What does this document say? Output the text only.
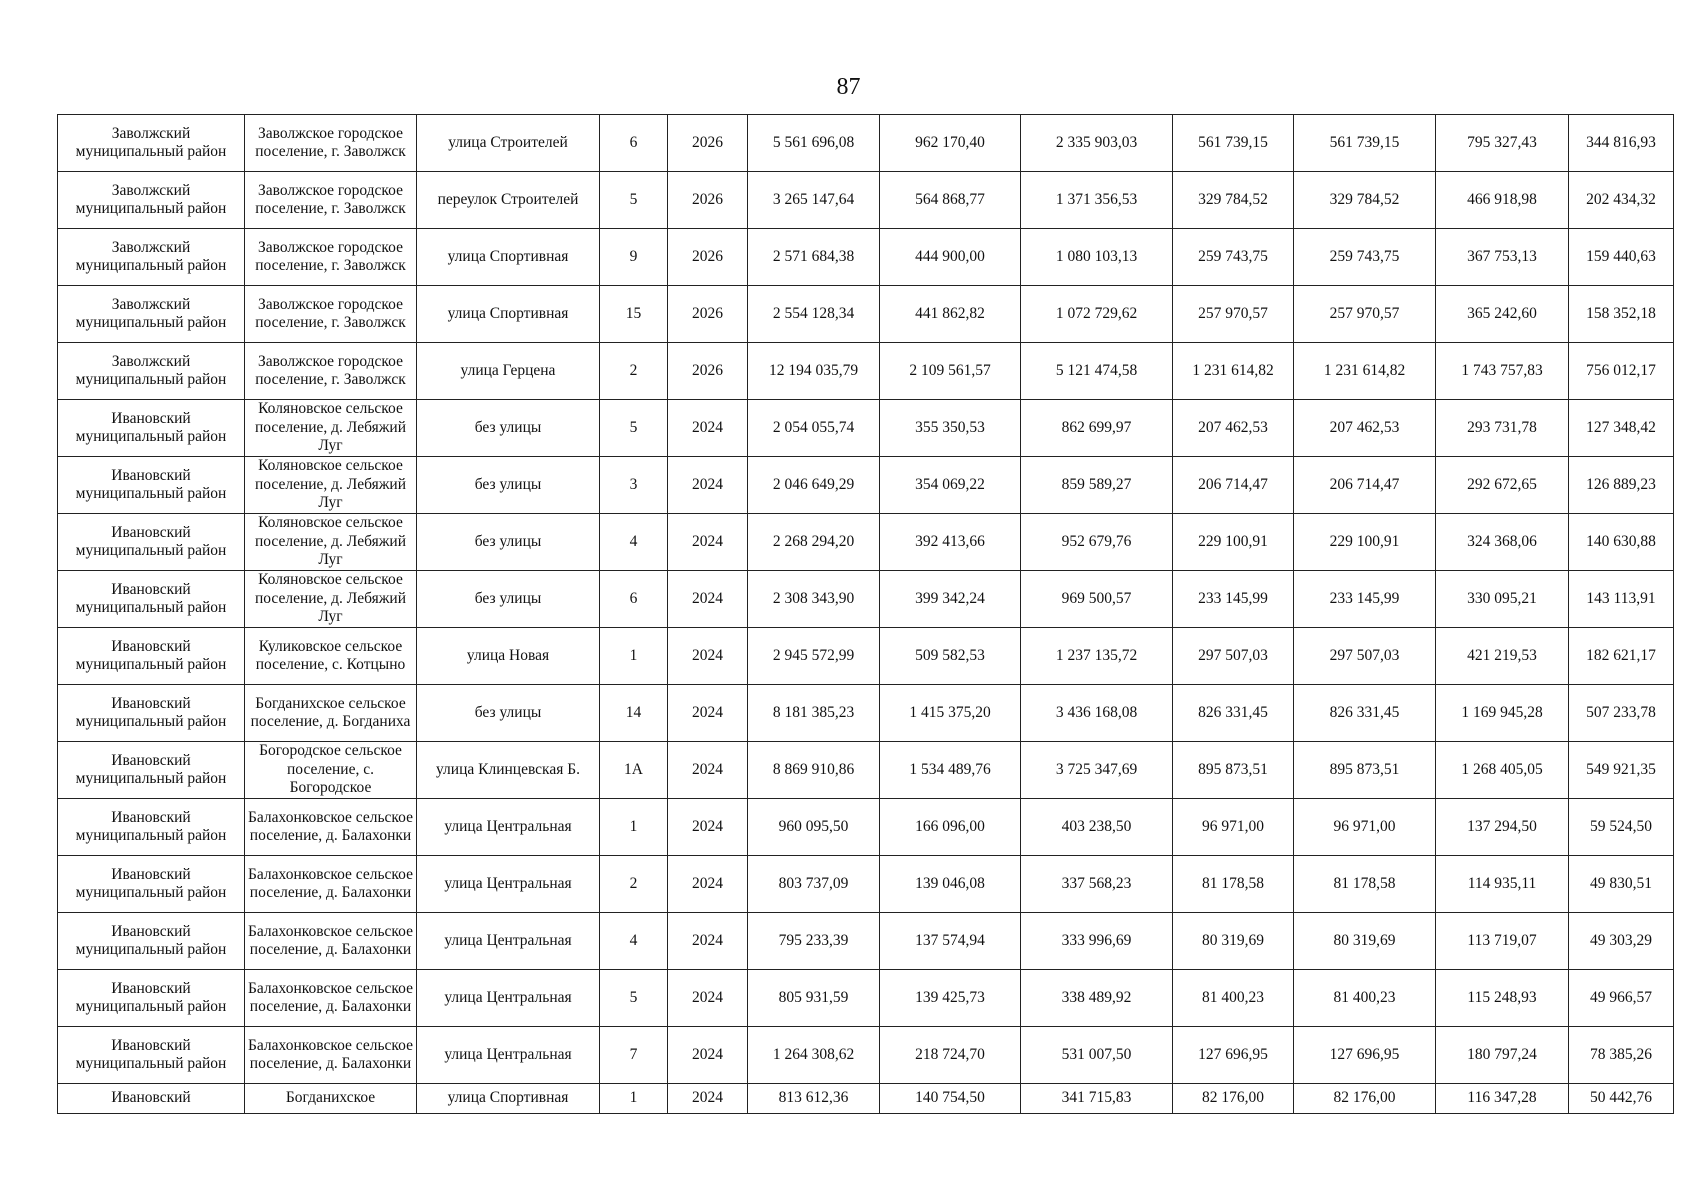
87
Заволжский муниципальный район	Заволжское городское поселение, г. Заволжск	улица Строителей	6	2026	5 561 696,08	962 170,40	2 335 903,03	561 739,15	561 739,15	795 327,43	344 816,93
Заволжский муниципальный район	Заволжское городское поселение, г. Заволжск	переулок Строителей	5	2026	3 265 147,64	564 868,77	1 371 356,53	329 784,52	329 784,52	466 918,98	202 434,32
Заволжский муниципальный район	Заволжское городское поселение, г. Заволжск	улица Спортивная	9	2026	2 571 684,38	444 900,00	1 080 103,13	259 743,75	259 743,75	367 753,13	159 440,63
Заволжский муниципальный район	Заволжское городское поселение, г. Заволжск	улица Спортивная	15	2026	2 554 128,34	441 862,82	1 072 729,62	257 970,57	257 970,57	365 242,60	158 352,18
Заволжский муниципальный район	Заволжское городское поселение, г. Заволжск	улица Герцена	2	2026	12 194 035,79	2 109 561,57	5 121 474,58	1 231 614,82	1 231 614,82	1 743 757,83	756 012,17
Ивановский муниципальный район	Коляновское сельское поселение, д. Лебяжий Луг	без улицы	5	2024	2 054 055,74	355 350,53	862 699,97	207 462,53	207 462,53	293 731,78	127 348,42
Ивановский муниципальный район	Коляновское сельское поселение, д. Лебяжий Луг	без улицы	3	2024	2 046 649,29	354 069,22	859 589,27	206 714,47	206 714,47	292 672,65	126 889,23
Ивановский муниципальный район	Коляновское сельское поселение, д. Лебяжий Луг	без улицы	4	2024	2 268 294,20	392 413,66	952 679,76	229 100,91	229 100,91	324 368,06	140 630,88
Ивановский муниципальный район	Коляновское сельское поселение, д. Лебяжий Луг	без улицы	6	2024	2 308 343,90	399 342,24	969 500,57	233 145,99	233 145,99	330 095,21	143 113,91
Ивановский муниципальный район	Куликовское сельское поселение, с. Котцыно	улица Новая	1	2024	2 945 572,99	509 582,53	1 237 135,72	297 507,03	297 507,03	421 219,53	182 621,17
Ивановский муниципальный район	Богданихское сельское поселение, д. Богданиха	без улицы	14	2024	8 181 385,23	1 415 375,20	3 436 168,08	826 331,45	826 331,45	1 169 945,28	507 233,78
Ивановский муниципальный район	Богородское сельское поселение, с. Богородское	улица Клинцевская Б.	1А	2024	8 869 910,86	1 534 489,76	3 725 347,69	895 873,51	895 873,51	1 268 405,05	549 921,35
Ивановский муниципальный район	Балахонковское сельское поселение, д. Балахонки	улица Центральная	1	2024	960 095,50	166 096,00	403 238,50	96 971,00	96 971,00	137 294,50	59 524,50
Ивановский муниципальный район	Балахонковское сельское поселение, д. Балахонки	улица Центральная	2	2024	803 737,09	139 046,08	337 568,23	81 178,58	81 178,58	114 935,11	49 830,51
Ивановский муниципальный район	Балахонковское сельское поселение, д. Балахонки	улица Центральная	4	2024	795 233,39	137 574,94	333 996,69	80 319,69	80 319,69	113 719,07	49 303,29
Ивановский муниципальный район	Балахонковское сельское поселение, д. Балахонки	улица Центральная	5	2024	805 931,59	139 425,73	338 489,92	81 400,23	81 400,23	115 248,93	49 966,57
Ивановский муниципальный район	Балахонковское сельское поселение, д. Балахонки	улица Центральная	7	2024	1 264 308,62	218 724,70	531 007,50	127 696,95	127 696,95	180 797,24	78 385,26
Ивановский	Богданихское	улица Спортивная	1	2024	813 612,36	140 754,50	341 715,83	82 176,00	82 176,00	116 347,28	50 442,76
